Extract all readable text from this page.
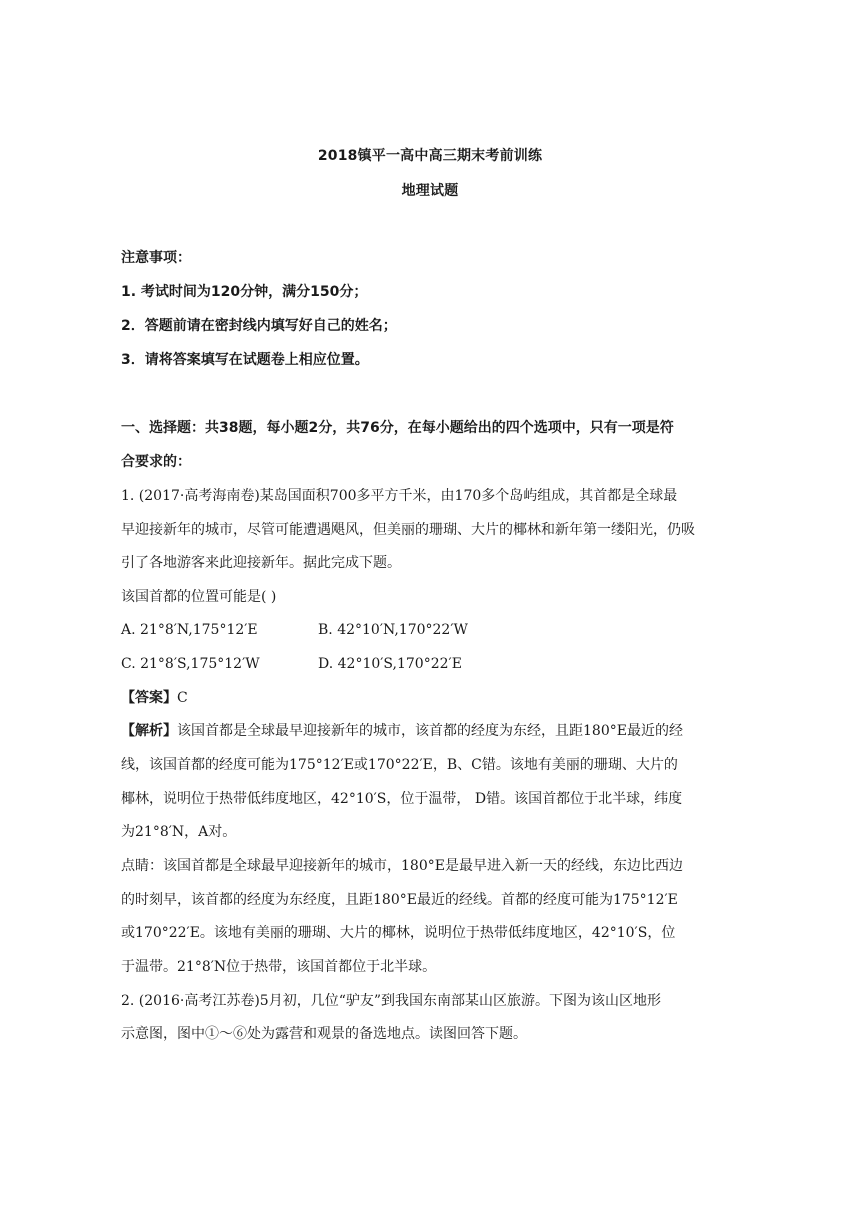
2018镇平一高中高三期末考前训练
地理试题
注意事项：
1. 考试时间为120分钟，满分150分；
2．答题前请在密封线内填写好自己的姓名；
3．请将答案填写在试题卷上相应位置。
一、选择题：共38题，每小题2分，共76分，在每小题给出的四个选项中，只有一项是符
合要求的：
1. (2017·高考海南卷)某岛国面积700多平方千米，由170多个岛屿组成，其首都是全球最
早迎接新年的城市，尽管可能遭遇飓风，但美丽的珊瑚、大片的椰林和新年第一缕阳光，仍吸
引了各地游客来此迎接新年。据此完成下题。
该国首都的位置可能是( )
A. 21°8′N,175°12′E	B. 42°10′N,170°22′W
C. 21°8′S,175°12′W	D. 42°10′S,170°22′E
【答案】C
【解析】该国首都是全球最早迎接新年的城市，该首都的经度为东经，且距180°E最近的经
线，该国首都的经度可能为175°12′E或170°22′E，B、C错。该地有美丽的珊瑚、大片的
椰林，说明位于热带低纬度地区，42°10′S，位于温带， D错。该国首都位于北半球，纬度
为21°8′N，A对。
点睛：该国首都是全球最早迎接新年的城市，180°E是最早进入新一天的经线，东边比西边
的时刻早，该首都的经度为东经度，且距180°E最近的经线。首都的经度可能为175°12′E
或170°22′E。该地有美丽的珊瑚、大片的椰林，说明位于热带低纬度地区，42°10′S，位
于温带。21°8′N位于热带，该国首都位于北半球。
2. (2016·高考江苏卷)5月初，几位“驴友”到我国东南部某山区旅游。下图为该山区地形
示意图，图中①～⑥处为露营和观景的备选地点。读图回答下题。
